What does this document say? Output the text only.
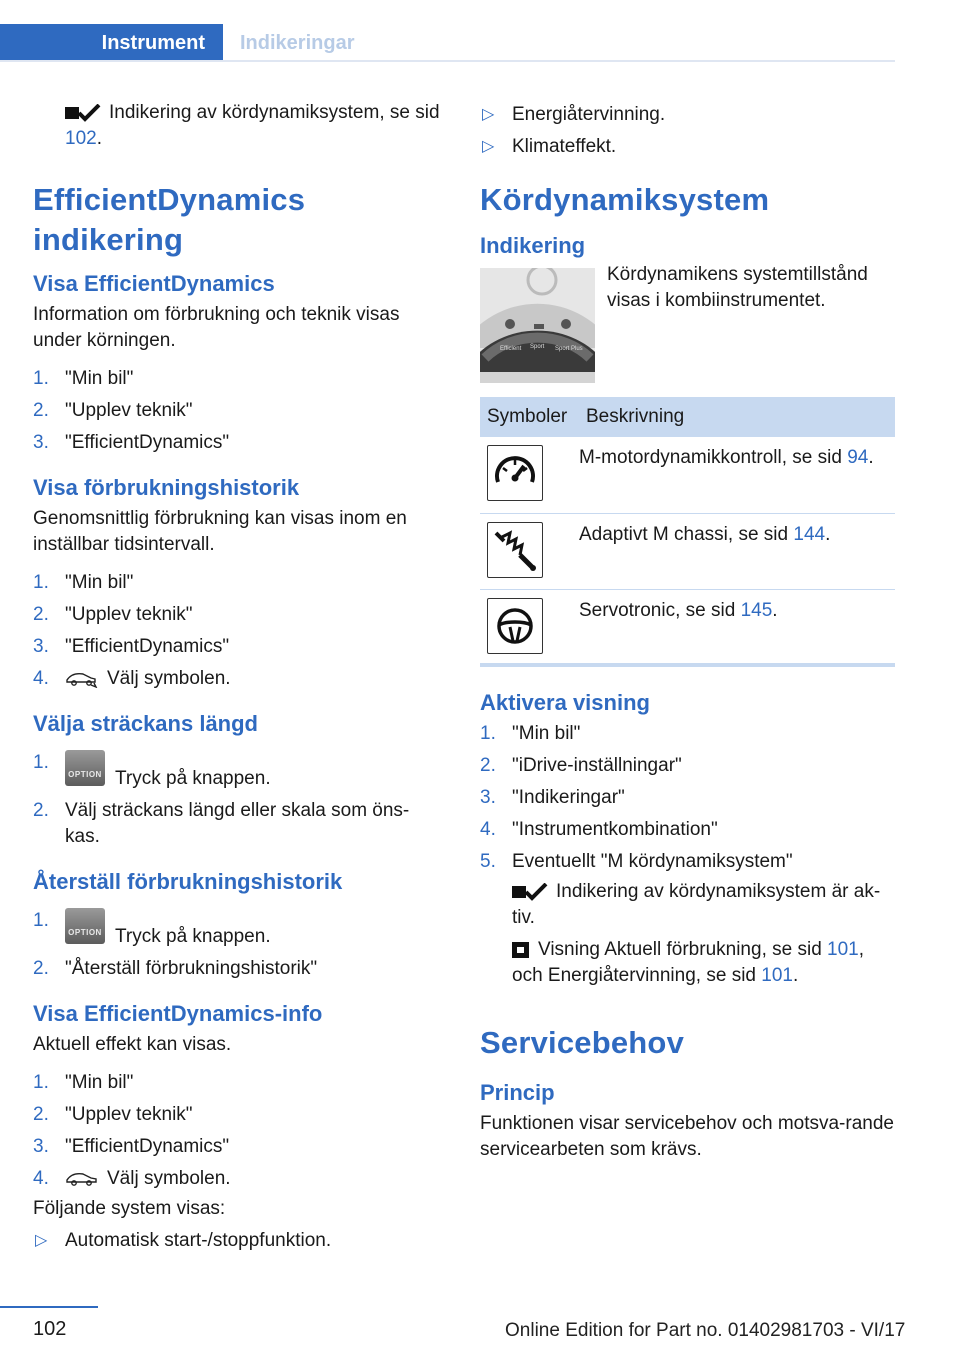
Instrument	Indikeringar

Indikering av kördynamiksystem, se sid 102.

EfficientDynamics indikering
Visa EfficientDynamics

Information om förbrukning och teknik visas under körningen.

1. "Min bil"
2. "Upplev teknik"
3. "EfficientDynamics"
Visa förbrukningshistorik

Genomsnittlig förbrukning kan visas inom en inställbar tidsintervall.

1. "Min bil"
2. "Upplev teknik"
3. "EfficientDynamics"
4.	Välj symbolen.
Välja sträckans längd
1.
OPTION Tryck på knappen.
2. Välj sträckans längd eller skala som öns‐kas.
Återställ förbrukningshistorik
1.
OPTION Tryck på knappen.
2. "Återställ förbrukningshistorik"
Visa EfficientDynamics-info

Aktuell effekt kan visas.

1. "Min bil"
2. "Upplev teknik"
3. "EfficientDynamics"
4.	Välj symbolen.

Följande system visas:

▷ Automatisk start-/stoppfunktion.
▷ Energiåtervinning.
▷ Klimateffekt.
Kördynamiksystem
Indikering
Efficient Sport Sport Plus

Kördynamikens systemtillstånd visas i kombiinstrumentet.

Symboler	Beskrivning

	M-motordynamikkontroll, se sid 94.

	Adaptivt M chassi, se sid 144.

	Servotronic, se sid 145.
Aktivera visning
1. "Min bil"
2. "iDrive-inställningar"
3. "Indikeringar"
4. "Instrumentkombination"
5. Eventuellt "M kördynamiksystem"

Indikering av kördynamiksystem är ak‐tiv.

Visning Aktuell förbrukning, se sid 101, och Energiåtervinning, se sid 101.

Servicebehov
Princip

Funktionen visar servicebehov och motsva‐rande servicearbeten som krävs.

102	Online Edition for Part no. 01402981703 - VI/17
